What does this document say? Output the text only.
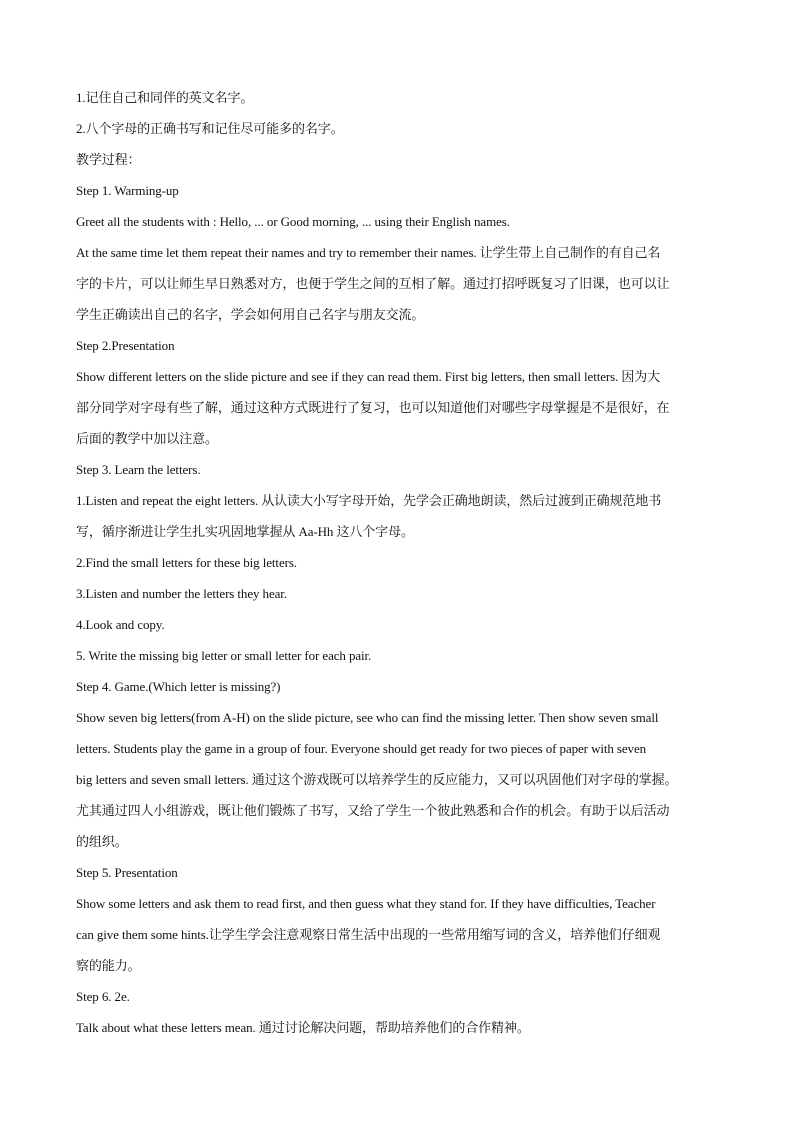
1.记住自己和同伴的英文名字。
2.八个字母的正确书写和记住尽可能多的名字。
教学过程：
Step 1. Warming-up
Greet all the students with : Hello, ... or Good morning, ... using their English names.
At the same time let them repeat their names and try to remember their names. 让学生带上自己制作的有自己名
字的卡片，可以让师生早日熟悉对方，也便于学生之间的互相了解。通过打招呼既复习了旧课，也可以让
学生正确读出自己的名字，学会如何用自己名字与朋友交流。
Step 2.Presentation
Show different letters on the slide picture and see if they can read them. First big letters, then small letters. 因为大
部分同学对字母有些了解，通过这种方式既进行了复习，也可以知道他们对哪些字母掌握是不是很好，在
后面的教学中加以注意。
Step 3. Learn the letters.
1.Listen and repeat the eight letters. 从认读大小写字母开始，先学会正确地朗读，然后过渡到正确规范地书
写，循序渐进让学生扎实巩固地掌握从 Aa-Hh 这八个字母。
2.Find the small letters for these big letters.
3.Listen and number the letters they hear.
4.Look and copy.
5. Write the missing big letter or small letter for each pair.
Step 4. Game.(Which letter is missing?)
Show seven big letters(from A-H) on the slide picture, see who can find the missing letter. Then show seven small
letters. Students play the game in a group of four. Everyone should get ready for two pieces of paper with seven
big letters and seven small letters. 通过这个游戏既可以培养学生的反应能力，又可以巩固他们对字母的掌握。
尤其通过四人小组游戏，既让他们锻炼了书写，又给了学生一个彼此熟悉和合作的机会。有助于以后活动
的组织。
Step 5. Presentation
Show some letters and ask them to read first, and then guess what they stand for. If they have difficulties, Teacher
can give them some hints.让学生学会注意观察日常生活中出现的一些常用缩写词的含义，培养他们仔细观
察的能力。
Step 6. 2e.
Talk about what these letters mean. 通过讨论解决问题，帮助培养他们的合作精神。
